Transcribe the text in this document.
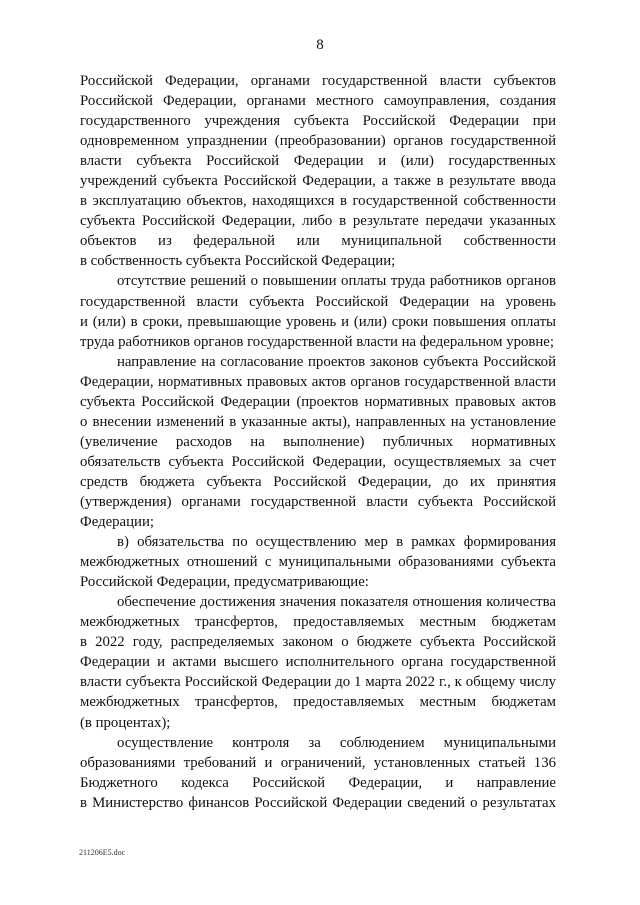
8
Российской Федерации, органами государственной власти субъектов
Российской Федерации, органами местного самоуправления, создания
государственного учреждения субъекта Российской Федерации при
одновременном упразднении (преобразовании) органов государственной
власти субъекта Российской Федерации и (или) государственных
учреждений субъекта Российской Федерации, а также в результате ввода
в эксплуатацию объектов, находящихся в государственной собственности
субъекта Российской Федерации, либо в результате передачи указанных
объектов из федеральной или муниципальной собственности
в собственность субъекта Российской Федерации;
отсутствие решений о повышении оплаты труда работников органов
государственной власти субъекта Российской Федерации на уровень
и (или) в сроки, превышающие уровень и (или) сроки повышения оплаты
труда работников органов государственной власти на федеральном уровне;
направление на согласование проектов законов субъекта Российской
Федерации, нормативных правовых актов органов государственной власти
субъекта Российской Федерации (проектов нормативных правовых актов
о внесении изменений в указанные акты), направленных на установление
(увеличение расходов на выполнение) публичных нормативных
обязательств субъекта Российской Федерации, осуществляемых за счет
средств бюджета субъекта Российской Федерации, до их принятия
(утверждения) органами государственной власти субъекта Российской
Федерации;
в) обязательства по осуществлению мер в рамках формирования
межбюджетных отношений с муниципальными образованиями субъекта
Российской Федерации, предусматривающие:
обеспечение достижения значения показателя отношения количества
межбюджетных трансфертов, предоставляемых местным бюджетам
в 2022 году, распределяемых законом о бюджете субъекта Российской
Федерации и актами высшего исполнительного органа государственной
власти субъекта Российской Федерации до 1 марта 2022 г., к общему числу
межбюджетных трансфертов, предоставляемых местным бюджетам
(в процентах);
осуществление контроля за соблюдением муниципальными
образованиями требований и ограничений, установленных статьей 136
Бюджетного кодекса Российской Федерации, и направление
в Министерство финансов Российской Федерации сведений о результатах
211206E5.doc
